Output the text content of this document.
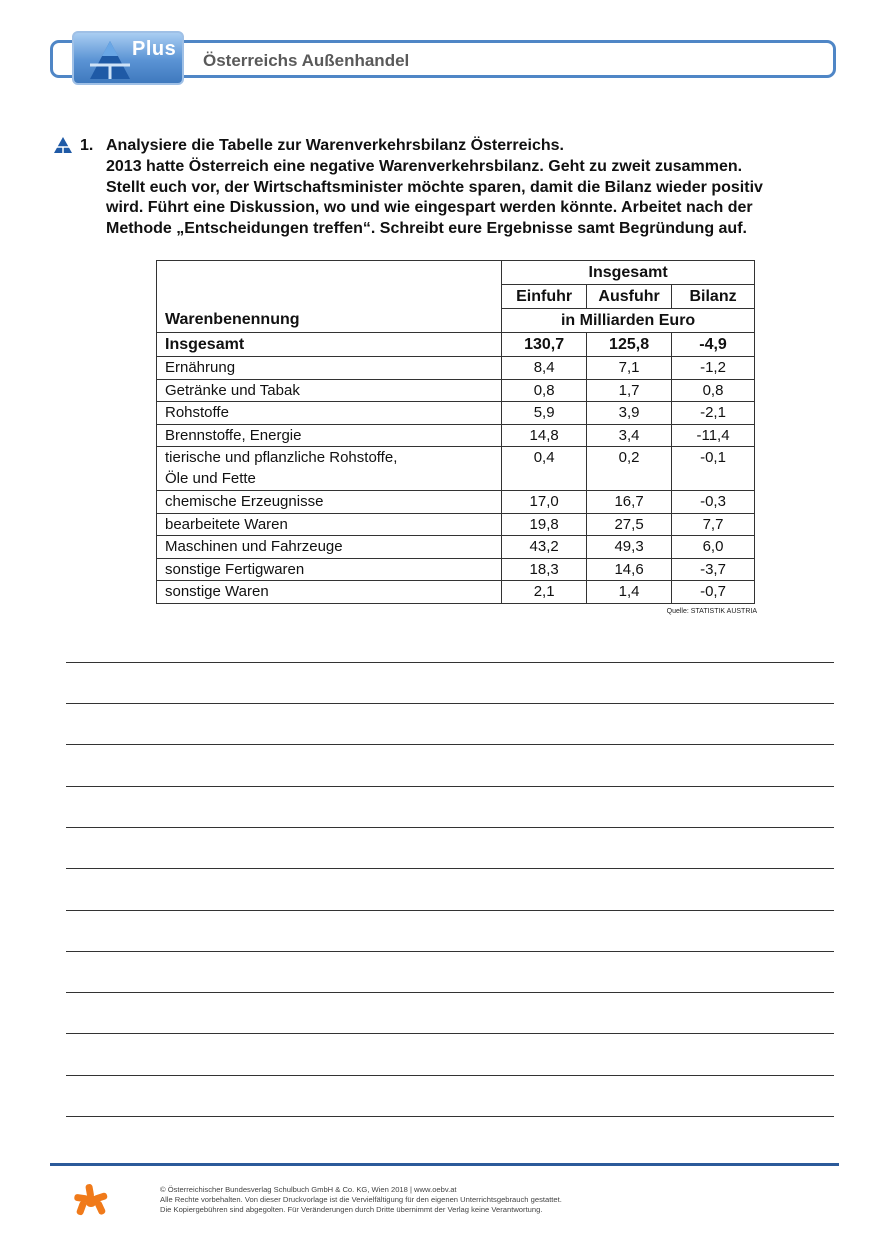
Plus
Österreichs Außenhandel
1. Analysiere die Tabelle zur Warenverkehrsbilanz Österreichs.
2013 hatte Österreich eine negative Warenverkehrsbilanz. Geht zu zweit zusammen.
Stellt euch vor, der Wirtschaftsminister möchte sparen, damit die Bilanz wieder positiv
wird. Führt eine Diskussion, wo und wie eingespart werden könnte. Arbeitet nach der
Methode „Entscheidungen treffen“. Schreibt eure Ergebnisse samt Begründung auf.

Warenbenennung	Insgesamt		
	Einfuhr	Ausfuhr	Bilanz
	in Milliarden Euro		
Insgesamt	130,7	125,8	-4,9
Ernährung	8,4	7,1	-1,2
Getränke und Tabak	0,8	1,7	0,8
Rohstoffe	5,9	3,9	-2,1
Brennstoffe, Energie	14,8	3,4	-11,4

tierische und pflanzliche Rohstoffe,
Öle und Fette	0,4	0,2	-0,1
chemische Erzeugnisse	17,0	16,7	-0,3
bearbeitete Waren	19,8	27,5	7,7
Maschinen und Fahrzeuge	43,2	49,3	6,0
sonstige Fertigwaren	18,3	14,6	-3,7
sonstige Waren	2,1	1,4	-0,7
Quelle: STATISTIK AUSTRIA
© Österreichischer Bundesverlag Schulbuch GmbH & Co. KG, Wien 2018 | www.oebv.at
Alle Rechte vorbehalten. Von dieser Druckvorlage ist die Vervielfältigung für den eigenen Unterrichtsgebrauch gestattet.
Die Kopiergebühren sind abgegolten. Für Veränderungen durch Dritte übernimmt der Verlag keine Verantwortung.
